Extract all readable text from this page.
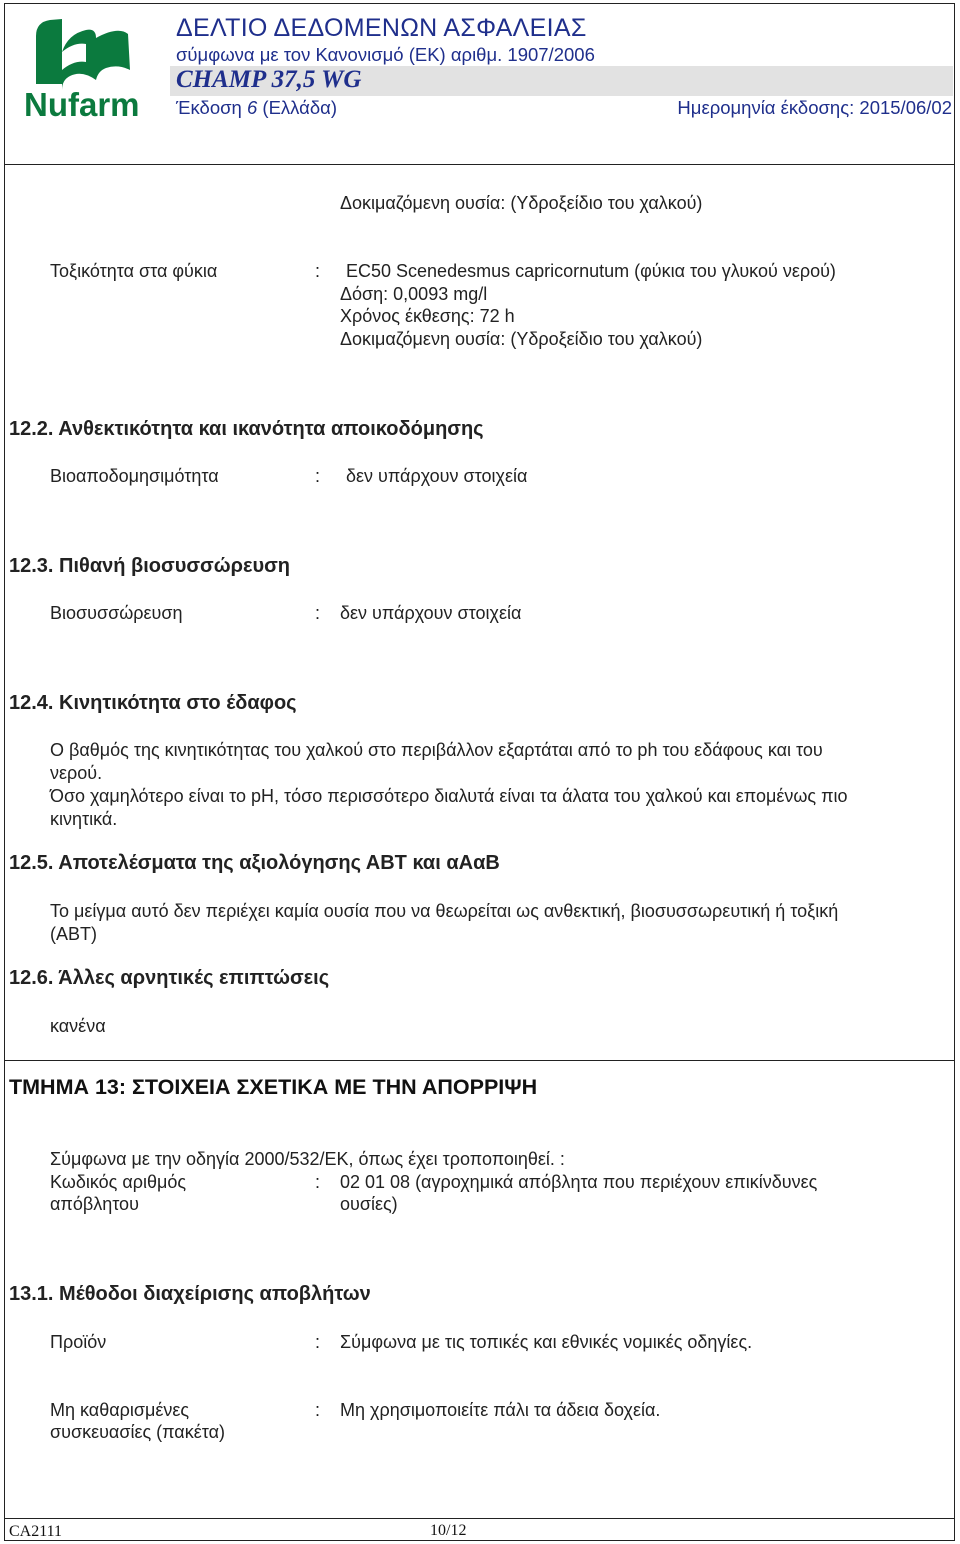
Nufarm
ΔΕΛΤΙΟ ΔΕΔΟΜΕΝΩΝ ΑΣΦΑΛΕΙΑΣ
σύμφωνα με τον Κανονισμό (ΕΚ) αριθμ. 1907/2006
CHAMP 37,5 WG
Έκδοση 6 (Ελλάδα)	Ημερομηνία έκδοσης: 2015/06/02
Δοκιμαζόμενη ουσία: (Υδροξείδιο του χαλκού)
Τοξικότητα στα φύκια	: EC50 Scenedesmus capricornutum (φύκια του γλυκού νερού)
Δόση: 0,0093 mg/l
Χρόνος έκθεσης: 72 h
Δοκιμαζόμενη ουσία: (Υδροξείδιο του χαλκού)
12.2. Ανθεκτικότητα και ικανότητα αποικοδόμησης
Βιοαποδομησιμότητα	: δεν υπάρχουν στοιχεία
12.3. Πιθανή βιοσυσσώρευση
Βιοσυσσώρευση	: δεν υπάρχουν στοιχεία
12.4. Κινητικότητα στο έδαφος
Ο βαθμός της κινητικότητας του χαλκού στο περιβάλλον εξαρτάται από το ph του εδάφους και του
νερού.
Όσο χαμηλότερο είναι το pH, τόσο περισσότερο διαλυτά είναι τα άλατα του χαλκού και επομένως πιο
κινητικά.
12.5. Αποτελέσματα της αξιολόγησης ΑΒΤ και αΑαΒ
Το μείγμα αυτό δεν περιέχει καμία ουσία που να θεωρείται ως ανθεκτική, βιοσυσσωρευτική ή τοξική
(ΑΒΤ)
12.6. Άλλες αρνητικές επιπτώσεις
κανένα
ΤΜΗΜΑ 13: ΣΤΟΙΧΕΙΑ ΣΧΕΤΙΚΑ ΜΕ ΤΗΝ ΑΠΟΡΡΙΨΗ
Σύμφωνα με την οδηγία 2000/532/ΕΚ, όπως έχει τροποποιηθεί. :
Κωδικός αριθμός
απόβλητου
: 02 01 08 (αγροχημικά απόβλητα που περιέχουν επικίνδυνες
ουσίες)
13.1. Μέθοδοι διαχείρισης αποβλήτων
Προϊόν	: Σύμφωνα με τις τοπικές και εθνικές νομικές οδηγίες.
Μη καθαρισμένες
συσκευασίες (πακέτα)
: Μη χρησιμοποιείτε πάλι τα άδεια δοχεία.
CA2111	10/12
